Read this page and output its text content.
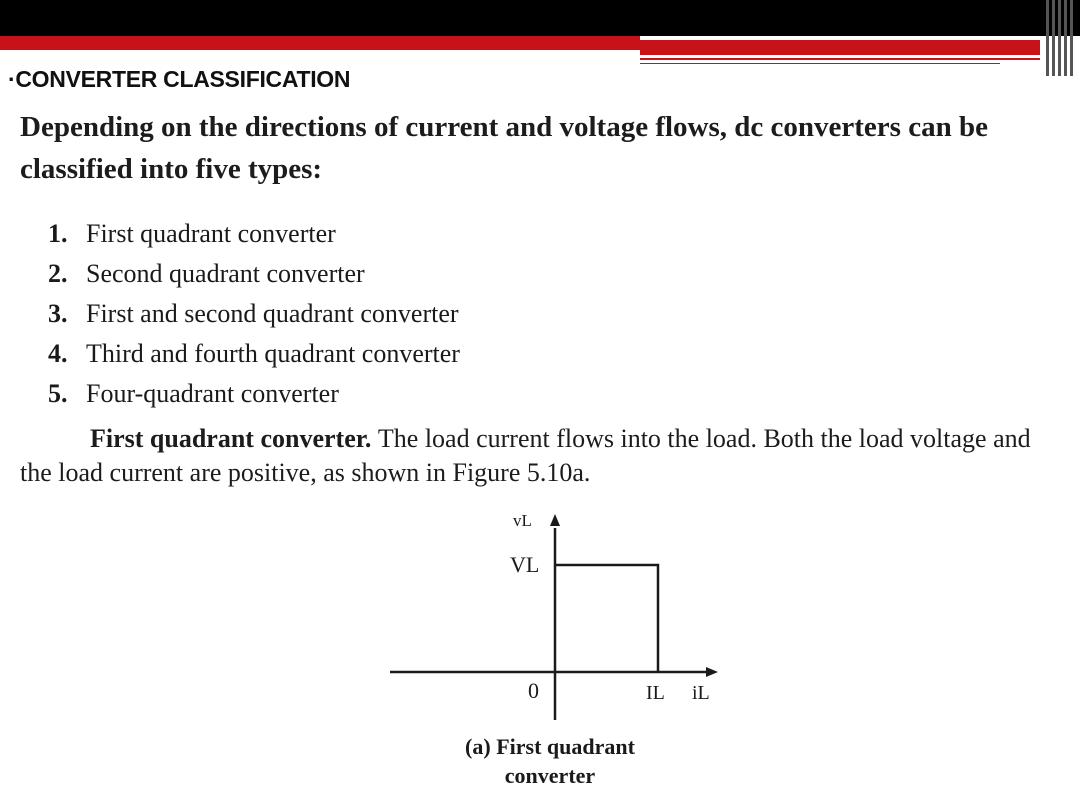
·CONVERTER CLASSIFICATION
Depending on the directions of current and voltage flows, dc converters can be classified into five types:
1. First quadrant converter
2. Second quadrant converter
3. First and second quadrant converter
4. Third and fourth quadrant converter
5. Four-quadrant converter
First quadrant converter. The load current flows into the load. Both the load voltage and the load current are positive, as shown in Figure 5.10a.
vL
VL
0	IL iL
(a) First quadrant
converter
